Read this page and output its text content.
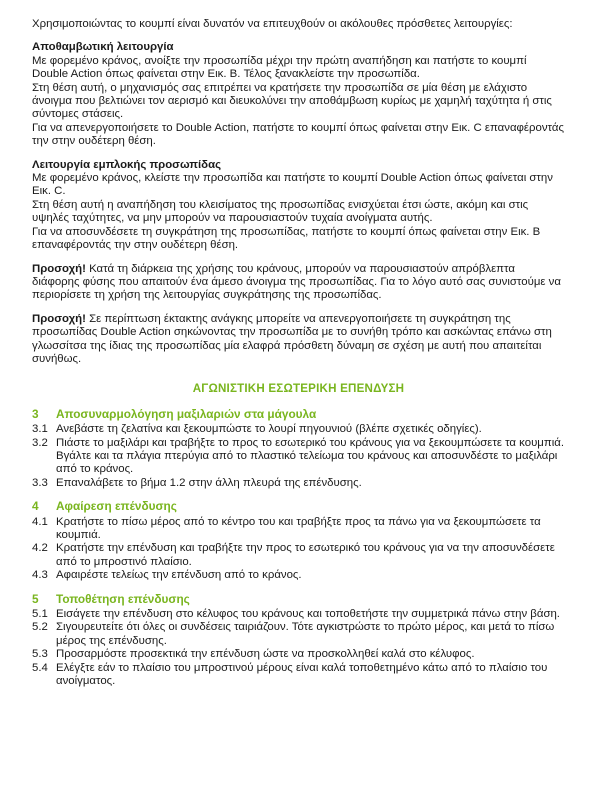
Χρησιμοποιώντας το κουμπί είναι δυνατόν να επιτευχθούν οι ακόλουθες πρόσθετες λειτουργίες:

Αποθαμβωτική λειτουργία

Με φορεμένο κράνος, ανοίξτε την προσωπίδα μέχρι την πρώτη αναπήδηση και πατήστε το κουμπί Double Action όπως φαίνεται στην Εικ. B. Τέλος ξανακλείστε την προσωπίδα.

Στη θέση αυτή, ο μηχανισμός σας επιτρέπει να κρατήσετε την προσωπίδα σε μία θέση με ελάχιστο άνοιγμα που βελτιώνει τον αερισμό και διευκολύνει την αποθάμβωση κυρίως με χαμηλή ταχύτητα ή στις σύντομες στάσεις.

Για να απενεργοποιήσετε το Double Action, πατήστε το κουμπί όπως φαίνεται στην Εικ. C επαναφέροντάς την στην ουδέτερη θέση.

Λειτουργία εμπλοκής προσωπίδας

Με φορεμένο κράνος, κλείστε την προσωπίδα και πατήστε το κουμπί Double Action όπως φαίνεται στην Εικ. C.

Στη θέση αυτή η αναπήδηση του κλεισίματος της προσωπίδας ενισχύεται έτσι ώστε, ακόμη και στις υψηλές ταχύτητες, να μην μπορούν να παρουσιαστούν τυχαία ανοίγματα αυτής.

Για να αποσυνδέσετε τη συγκράτηση της προσωπίδας, πατήστε το κουμπί όπως φαίνεται στην Εικ. B επαναφέροντάς την στην ουδέτερη θέση.

Προσοχή! Κατά τη διάρκεια της χρήσης του κράνους, μπορούν να παρουσιαστούν απρόβλεπτα διάφορης φύσης που απαιτούν ένα άμεσο άνοιγμα της προσωπίδας. Για το λόγο αυτό σας συνιστούμε να περιορίσετε τη χρήση της λειτουργίας συγκράτησης της προσωπίδας.

Προσοχή! Σε περίπτωση έκτακτης ανάγκης μπορείτε να απενεργοποιήσετε τη συγκράτηση της προσωπίδας Double Action σηκώνοντας την προσωπίδα με το συνήθη τρόπο και ασκώντας επάνω στη γλωσσίτσα της ίδιας της προσωπίδας μία ελαφρά πρόσθετη δύναμη σε σχέση με αυτή που απαιτείται συνήθως.

ΑΓΩΝΙΣΤΙΚΗ ΕΣΩΤΕΡΙΚΗ ΕΠΕΝΔΥΣΗ
3	Αποσυναρμολόγηση μαξιλαριών στα μάγουλα
3.1 Ανεβάστε τη ζελατίνα και ξεκουμπώστε το λουρί πηγουνιού (βλέπε σχετικές οδηγίες).
3.2 Πιάστε το μαξιλάρι και τραβήξτε το προς το εσωτερικό του κράνους για να ξεκουμπώσετε τα κουμπιά. Βγάλτε και τα πλάγια πτερύγια από το πλαστικό τελείωμα του κράνους και αποσυνδέστε το μαξιλάρι από το κράνος.
3.3 Επαναλάβετε το βήμα 1.2 στην άλλη πλευρά της επένδυσης.
4	Αφαίρεση επένδυσης
4.1 Κρατήστε το πίσω μέρος από το κέντρο του και τραβήξτε προς τα πάνω για να ξεκουμπώσετε τα κουμπιά.
4.2 Κρατήστε την επένδυση και τραβήξτε την προς το εσωτερικό του κράνους για να την αποσυνδέσετε από το μπροστινό πλαίσιο.
4.3 Αφαιρέστε τελείως την επένδυση από το κράνος.
5	Τοποθέτηση επένδυσης
5.1 Εισάγετε την επένδυση στο κέλυφος του κράνους και τοποθετήστε την συμμετρικά πάνω στην βάση.
5.2 Σιγουρευτείτε ότι όλες οι συνδέσεις ταιριάζουν. Τότε αγκιστρώστε το πρώτο μέρος, και μετά το πίσω μέρος της επένδυσης.
5.3 Προσαρμόστε προσεκτικά την επένδυση ώστε να προσκολληθεί καλά στο κέλυφος.
5.4 Ελέγξτε εάν το πλαίσιο του μπροστινού μέρους είναι καλά τοποθετημένο κάτω από το πλαίσιο του ανοίγματος.
